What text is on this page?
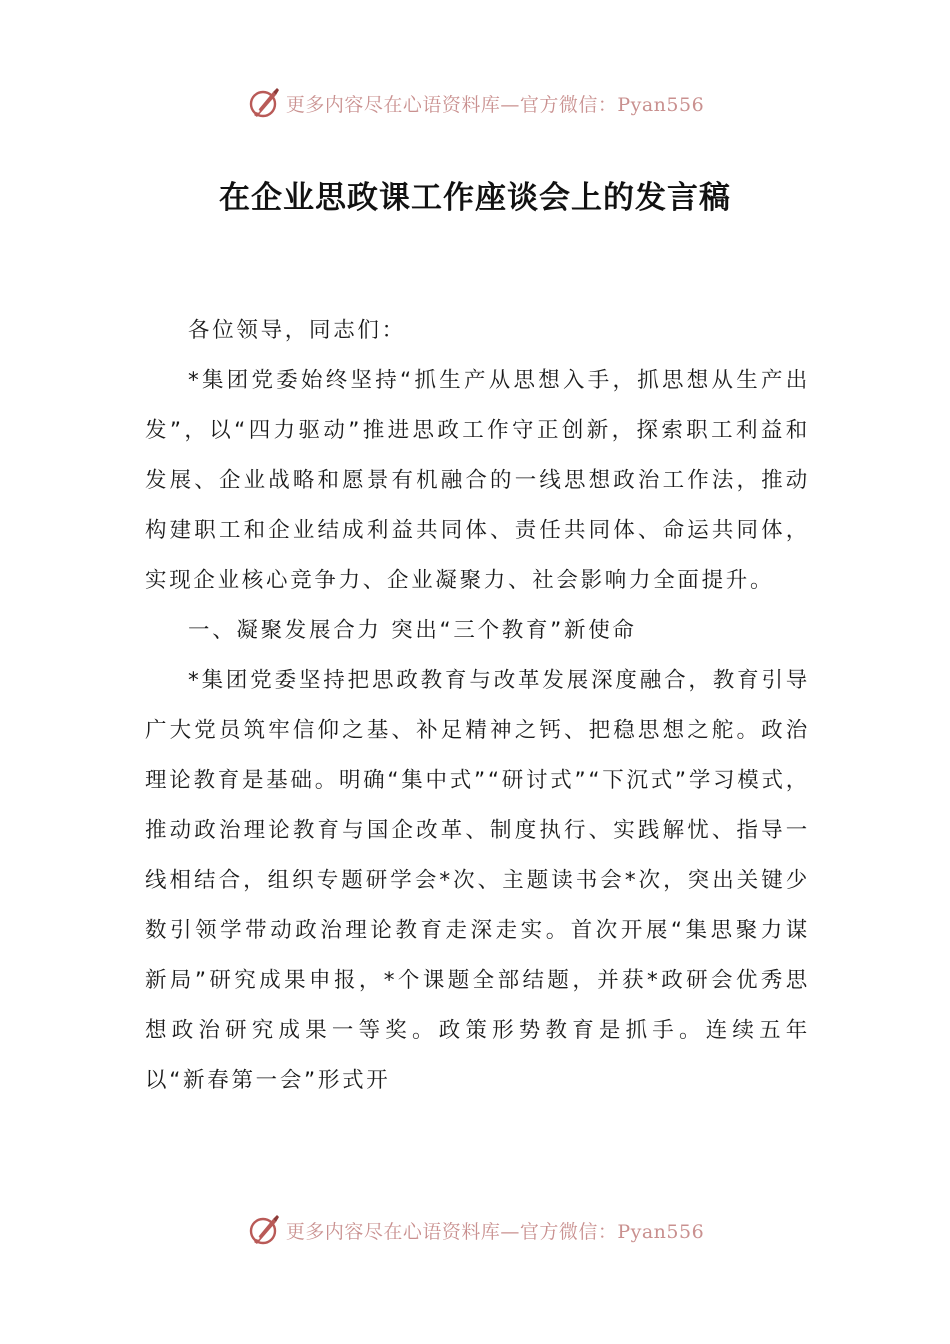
更多内容尽在心语资料库—官方微信：Pyan556
在企业思政课工作座谈会上的发言稿

各位领导，同志们：

*集团党委始终坚持“抓生产从思想入手，抓思想从生产出发”，以“四力驱动”推进思政工作守正创新，探索职工利益和发展、企业战略和愿景有机融合的一线思想政治工作法，推动构建职工和企业结成利益共同体、责任共同体、命运共同体，实现企业核心竞争力、企业凝聚力、社会影响力全面提升。

一、凝聚发展合力 突出“三个教育”新使命

*集团党委坚持把思政教育与改革发展深度融合，教育引导广大党员筑牢信仰之基、补足精神之钙、把稳思想之舵。政治理论教育是基础。明确“集中式”“研讨式”“下沉式”学习模式，推动政治理论教育与国企改革、制度执行、实践解忧、指导一线相结合，组织专题研学会*次、主题读书会*次，突出关键少数引领学带动政治理论教育走深走实。首次开展“集思聚力谋新局”研究成果申报，*个课题全部结题，并获*政研会优秀思想政治研究成果一等奖。政策形势教育是抓手。连续五年以“新春第一会”形式开

更多内容尽在心语资料库—官方微信：Pyan556
